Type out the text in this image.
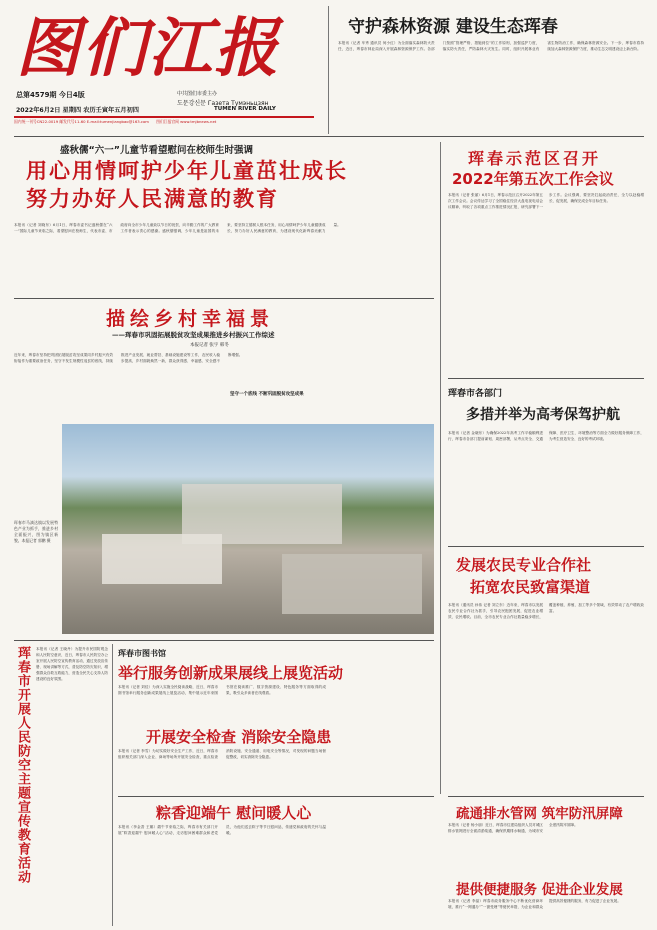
图们江报
总第4579期 今日4版	中共图们市委主办
도문강신문 Газета Тумэньцзян
2022年6月2日 星期四 农历壬寅年五月初四	TUMEN RIVER DAILY
国内统一刊号CN22-0019 邮发代号11-60 E-mail:tumenjiangbao@163.com 图们江报官网 www.tmjbnews.net
守护森林资源 建设生态珲春
本报讯（记者 车秀 通讯员 何小红）为全面落实森林防火责任，近日，珲春市林业局深入开展森林资源保护工作。各部门按照“管理严格、措施到位”的工作原则，加强巡护力度，落实防火责任，严防森林火灾发生。同时，组织开展林业有害生物防治工作，确保森林资源安全。下一步，珲春市将持续加大森林资源保护力度，推动生态文明建设迈上新台阶。
盛秋儒“六一”儿童节看望慰问在校师生时强调
用心用情呵护少年儿童茁壮成长
努力办好人民满意的教育
本报讯（记者 刘晓东）6月1日，珲春市委书记盛秋儒在“六一”国际儿童节来临之际，看望慰问在校师生，代表市委、市政府向全市少年儿童致以节日的祝贺，向辛勤工作的广大教育工作者表示衷心的感谢。盛秋儒强调，少年儿童是祖国的未来，要坚持立德树人根本任务，用心用情呵护少年儿童健康成长，努力办好人民满意的教育，为建设现代化新珲春贡献力量。
珲春示范区召开
2022年第五次工作会议
本报讯（记者 张丽）6月1日，珲春示范区召开2022年第五次工作会议。会议传达学习了全国稳住经济大盘电视电话会议精神，听取了各项重点工作推进情况汇报，研究部署下一步工作。会议强调，要坚决扛起政治责任，全力以赴稳增长、促发展，确保完成全年目标任务。
珲春市各部门
多措并举为高考保驾护航
本报讯（记者 金晓东）为确保2022年高考工作平稳顺利进行，珲春市各部门提前谋划、周密部署，从考点安全、交通保障、医疗卫生、环境整治等方面全力做好服务保障工作，为考生营造安全、良好的考试环境。
发展农民专业合作社
拓宽农民致富渠道
本报讯（通讯员 孙伟 记者 刘立东）近年来，珲春市以发展农民专业合作社为抓手，引导农民抱团发展，促进农业增效、农民增收。目前，全市农民专业合作社数量稳步增长，覆盖种植、养殖、加工等多个领域，有效带动了农户增收致富。
描绘乡村幸福景
——珲春市巩固拓展脱贫攻坚成果推进乡村振兴工作综述
本报记者 张宇 韩冬
近年来，珲春市坚持把巩固拓展脱贫攻坚成果同乡村振兴有效衔接作为重要政治任务，坚守不发生规模性返贫的底线，持续推进产业发展、就业帮扶、基础设施建设等工作，农民收入稳步提高，乡村面貌焕然一新，群众获得感、幸福感、安全感不断增强。
坚守一个底线 不断巩固脱贫攻坚成果
珲春市马滴达镇以发展特色产业为抓手，推进乡村全面振兴，图为镇区新貌。本报记者 郭鹏 摄
珲春市开展人民防空主题宣传教育活动 本报讯（记者 王晓丹）为提升市民国防观念和人民防空意识，近日，珲春市人民防空办公室开展人民防空宣传教育活动，通过发放宣传册、现场讲解等方式，普及防空防灾知识，增强群众自救互救能力，营造全民关心支持人防建设的良好氛围。
珲春市图书馆
举行服务创新成果展线上展览活动
本报讯（记者 刘佳）为深入实施全民阅读战略，近日，珲春市图书馆举行服务创新成果展线上展览活动，集中展示近年来图书馆在阅读推广、数字资源建设、特色服务等方面取得的成果，吸引众多读者在线观看。
开展安全检查 消除安全隐患
本报讯（记者 李雪）为切实做好安全生产工作，近日，珲春市组织相关部门深入企业、商场等场所开展安全检查，重点检查消防设施、安全通道、用电安全等情况，对发现的问题当场督促整改，切实消除安全隐患。
粽香迎端午 慰问暖人心
本报讯（李金香 王娜）端午节来临之际，珲春市有关部门开展“粽香迎端午 慰问暖人心”活动，走访慰问困难群众和老党员，为他们送去粽子等节日慰问品，传递党和政府的关怀与温暖。
疏通排水管网 筑牢防汛屏障
本报讯（记者 杨小朋）近日，珲春市住建局组织人员对城区排水管网进行全面清淤疏通，确保汛期排水畅通，为城市安全度汛筑牢屏障。
提供便捷服务 促进企业发展
本报讯（记者 李晶）珲春市政务服务中心不断优化营商环境，推行“一网通办”“一窗受理”等便民举措，为企业和群众提供高效便捷的服务，有力促进了企业发展。
